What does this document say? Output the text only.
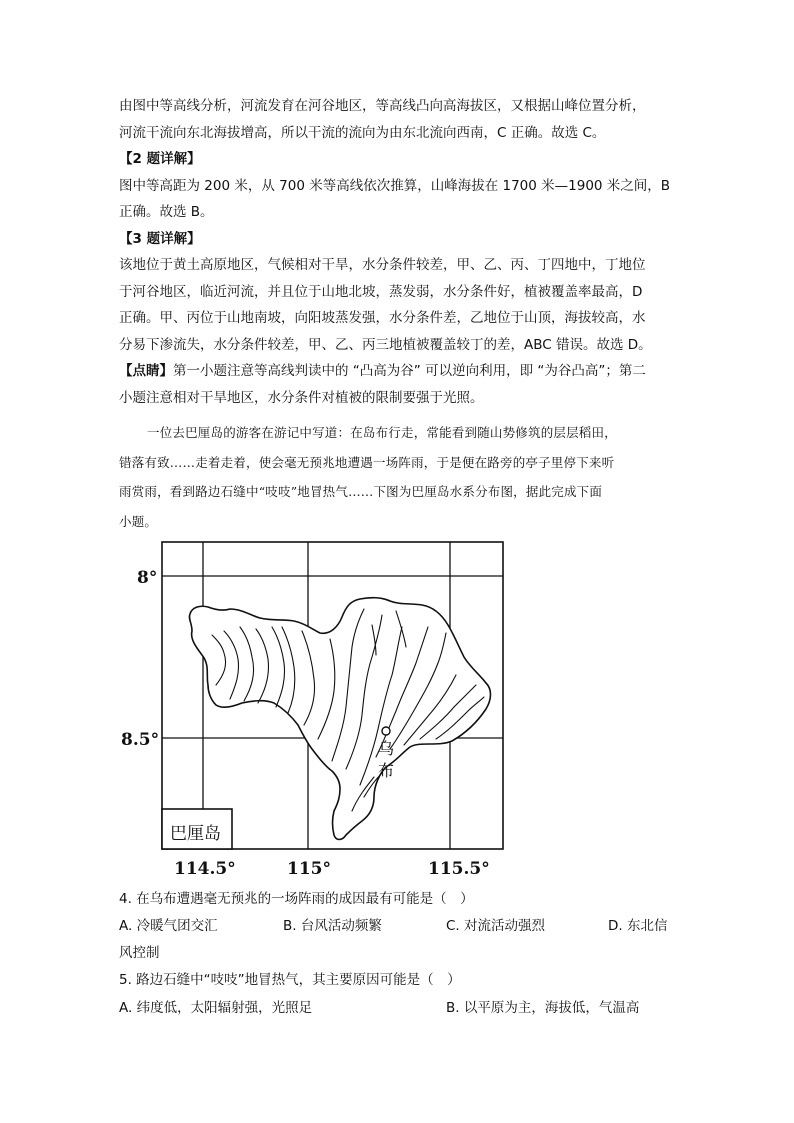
由图中等高线分析，河流发育在河谷地区，等高线凸向高海拔区，又根据山峰位置分析，
河流干流向东北海拔增高，所以干流的流向为由东北流向西南，C 正确。故选 C。
【2 题详解】
图中等高距为 200 米，从 700 米等高线依次推算，山峰海拔在 1700 米—1900 米之间，B
正确。故选 B。
【3 题详解】
该地位于黄土高原地区，气候相对干旱，水分条件较差，甲、乙、丙、丁四地中，丁地位
于河谷地区，临近河流，并且位于山地北坡，蒸发弱，水分条件好，植被覆盖率最高，D
正确。甲、丙位于山地南坡，向阳坡蒸发强，水分条件差，乙地位于山顶，海拔较高，水
分易下渗流失，水分条件较差，甲、乙、丙三地植被覆盖较丁的差，ABC 错误。故选 D。
【点睛】第一小题注意等高线判读中的 “凸高为谷” 可以逆向利用，即 “为谷凸高”；第二
小题注意相对干旱地区，水分条件对植被的限制要强于光照。
一位去巴厘岛的游客在游记中写道：在岛布行走，常能看到随山势修筑的层层稻田，
错落有致……走着走着，使会毫无预兆地遭遇一场阵雨，于是便在路旁的亭子里停下来听
雨赏雨，看到路边石缝中“吱吱”地冒热气……下图为巴厘岛水系分布图，据此完成下面
小题。
巴厘岛
乌
布
8°
8.5°
114.5°	115°	115.5°
4. 在乌布遭遇毫无预兆的一场阵雨的成因最有可能是（　）
A. 冷暖气团交汇	B. 台风活动频繁	C. 对流活动强烈	D. 东北信
风控制
5. 路边石缝中“吱吱”地冒热气，其主要原因可能是（　）
A. 纬度低，太阳辐射强，光照足	B. 以平原为主，海拔低，气温高
